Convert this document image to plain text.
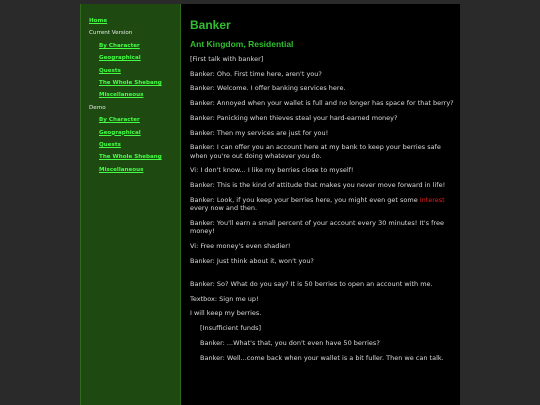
Home
Current Version
By Character
Geographical
Quests
The Whole Shebang
Miscellaneous
Demo
By Character
Geographical
Quests
The Whole Shebang
Miscellaneous
Banker
Ant Kingdom, Residential

[First talk with banker]

Banker: Oho. First time here, aren't you?

Banker: Welcome. I offer banking services here.

Banker: Annoyed when your wallet is full and no longer has space for that berry?

Banker: Panicking when thieves steal your hard-earned money?

Banker: Then my services are just for you!

Banker: I can offer you an account here at my bank to keep your berries safe when you're out doing whatever you do.

Vi: I don't know... I like my berries close to myself!

Banker: This is the kind of attitude that makes you never move forward in life!

Banker: Look, if you keep your berries here, you might even get some interest every now and then.

Banker: You'll earn a small percent of your account every 30 minutes! It's free money!

Vi: Free money's even shadier!

Banker: Just think about it, won't you?

Banker: So? What do you say? It is 50 berries to open an account with me.

Textbox: Sign me up!

I will keep my berries.

[Insufficient funds]

Banker: ...What's that, you don't even have 50 berries?

Banker: Well...come back when your wallet is a bit fuller. Then we can talk.
